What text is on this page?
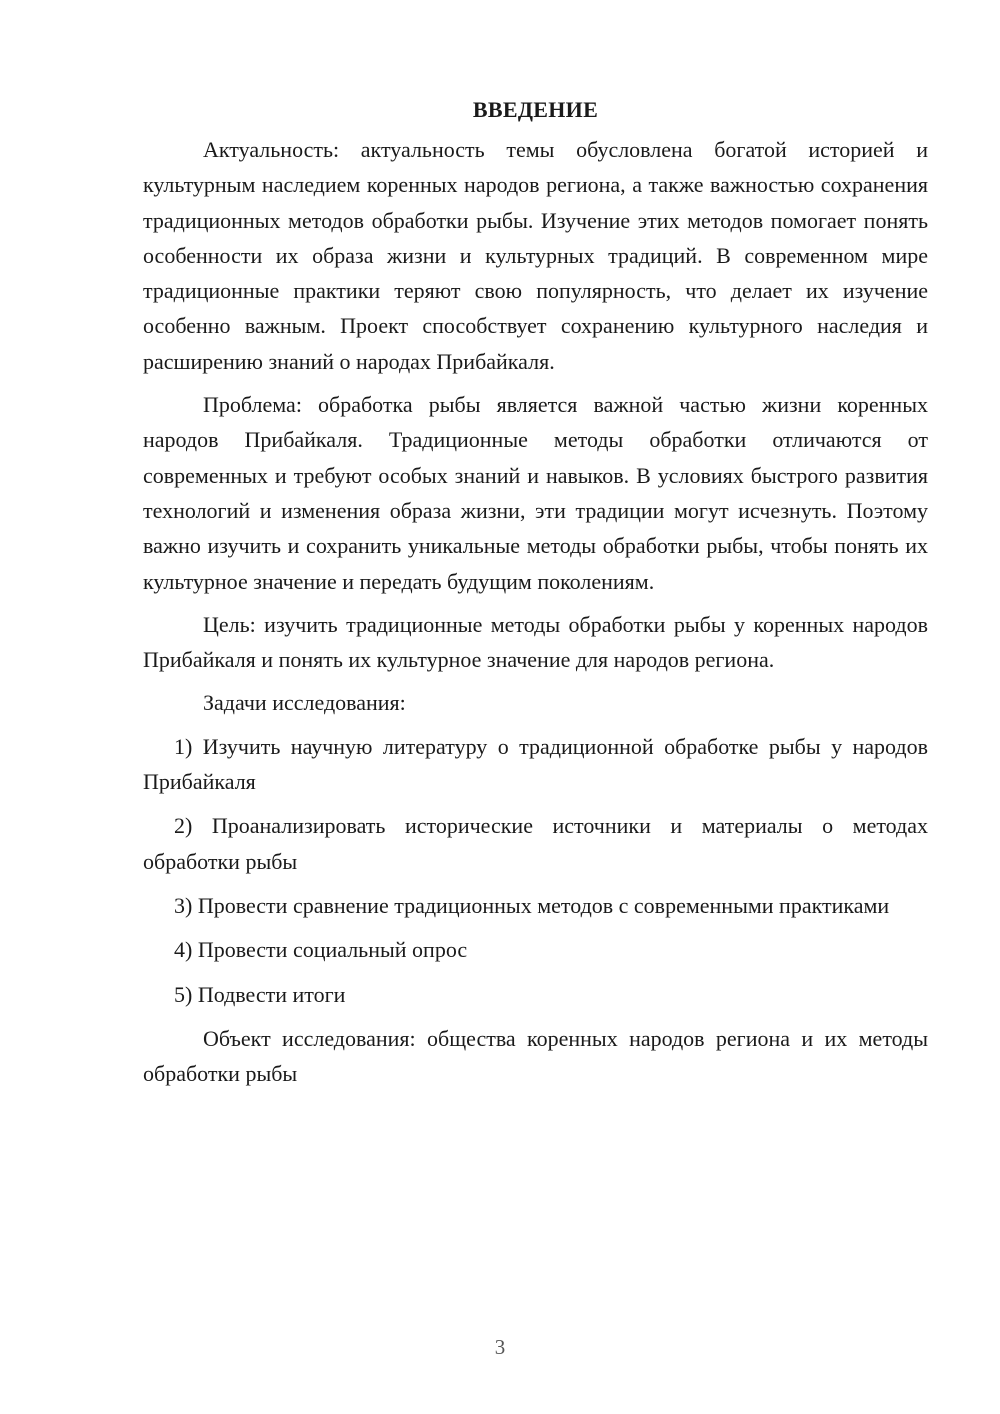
ВВЕДЕНИЕ

Актуальность: актуальность темы обусловлена богатой историей и культурным наследием коренных народов региона, а также важностью сохранения традиционных методов обработки рыбы. Изучение этих методов помогает понять особенности их образа жизни и культурных традиций. В современном мире традиционные практики теряют свою популярность, что делает их изучение особенно важным. Проект способствует сохранению культурного наследия и расширению знаний о народах Прибайкаля.

Проблема: обработка рыбы является важной частью жизни коренных народов Прибайкаля. Традиционные методы обработки отличаются от современных и требуют особых знаний и навыков. В условиях быстрого развития технологий и изменения образа жизни, эти традиции могут исчезнуть. Поэтому важно изучить и сохранить уникальные методы обработки рыбы, чтобы понять их культурное значение и передать будущим поколениям.

Цель: изучить традиционные методы обработки рыбы у коренных народов Прибайкаля и понять их культурное значение для народов региона.

Задачи исследования:

1) Изучить научную литературу о традиционной обработке рыбы у народов Прибайкаля

2) Проанализировать исторические источники и материалы о методах обработки рыбы

3) Провести сравнение традиционных методов с современными практиками

4) Провести социальный опрос

5) Подвести итоги

Объект исследования: общества коренных народов региона и их методы обработки рыбы

3
